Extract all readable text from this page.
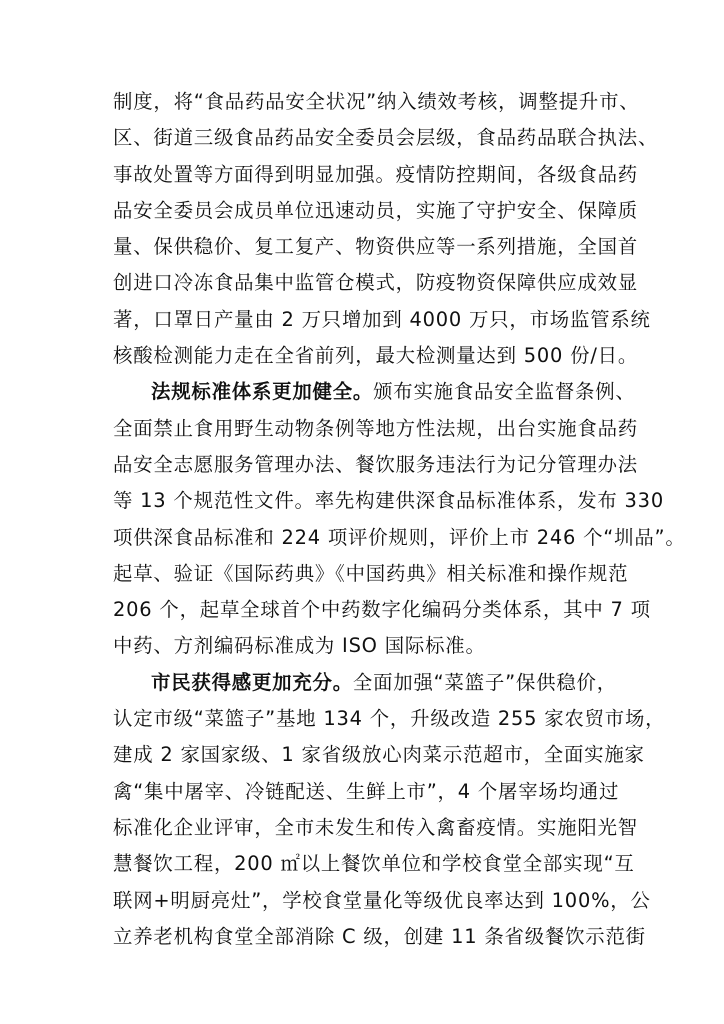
制度，将“食品药品安全状况”纳入绩效考核，调整提升市、
区、街道三级食品药品安全委员会层级，食品药品联合执法、
事故处置等方面得到明显加强。疫情防控期间，各级食品药
品安全委员会成员单位迅速动员，实施了守护安全、保障质
量、保供稳价、复工复产、物资供应等一系列措施，全国首
创进口冷冻食品集中监管仓模式，防疫物资保障供应成效显
著，口罩日产量由 2 万只增加到 4000 万只，市场监管系统
核酸检测能力走在全省前列，最大检测量达到 500 份/日。

法规标准体系更加健全。颁布实施食品安全监督条例、
全面禁止食用野生动物条例等地方性法规，出台实施食品药
品安全志愿服务管理办法、餐饮服务违法行为记分管理办法
等 13 个规范性文件。率先构建供深食品标准体系，发布 330
项供深食品标准和 224 项评价规则，评价上市 246 个“圳品”。
起草、验证《国际药典》《中国药典》相关标准和操作规范
206 个，起草全球首个中药数字化编码分类体系，其中 7 项
中药、方剂编码标准成为 ISO 国际标准。

市民获得感更加充分。全面加强“菜篮子”保供稳价，
认定市级“菜篮子”基地 134 个，升级改造 255 家农贸市场，
建成 2 家国家级、1 家省级放心肉菜示范超市，全面实施家
禽“集中屠宰、冷链配送、生鲜上市”，4 个屠宰场均通过
标准化企业评审，全市未发生和传入禽畜疫情。实施阳光智
慧餐饮工程，200 ㎡以上餐饮单位和学校食堂全部实现“互
联网+明厨亮灶”，学校食堂量化等级优良率达到 100%，公
立养老机构食堂全部消除 C 级，创建 11 条省级餐饮示范街
